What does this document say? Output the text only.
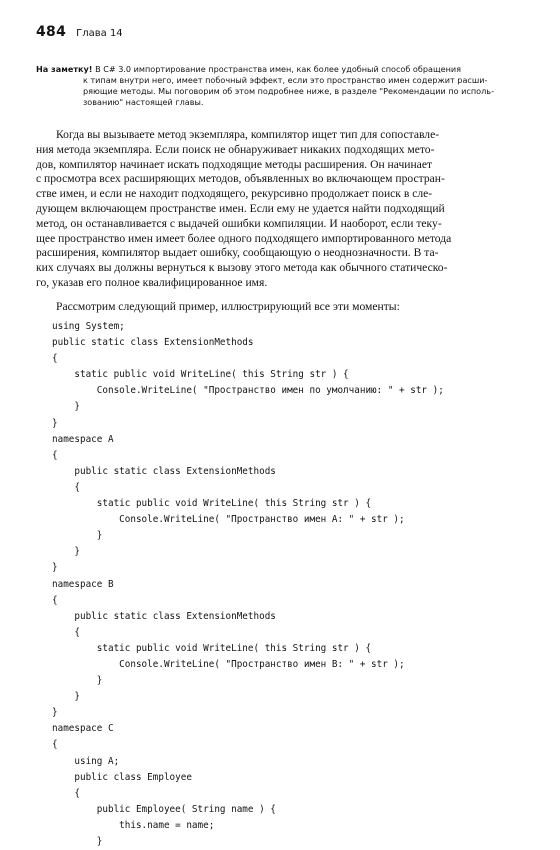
484 Глава 14
На заметку! В C# 3.0 импортирование пространства имен, как более удобный способ обращения
к типам внутри него, имеет побочный эффект, если это пространство имен содержит расши-
ряющие методы. Мы поговорим об этом подробнее ниже, в разделе "Рекомендации по исполь-
зованию" настоящей главы.
Когда вы вызываете метод экземпляра, компилятор ищет тип для сопоставле-
ния метода экземпляра. Если поиск не обнаруживает никаких подходящих мето-
дов, компилятор начинает искать подходящие методы расширения. Он начинает
с просмотра всех расширяющих методов, объявленных во включающем простран-
стве имен, и если не находит подходящего, рекурсивно продолжает поиск в сле-
дующем включающем пространстве имен. Если ему не удается найти подходящий
метод, он останавливается с выдачей ошибки компиляции. И наоборот, если теку-
щее пространство имен имеет более одного подходящего импортированного метода
расширения, компилятор выдает ошибку, сообщающую о неоднозначности. В та-
ких случаях вы должны вернуться к вызову этого метода как обычного статическо-
го, указав его полное квалифицированное имя.
Рассмотрим следующий пример, иллюстрирующий все эти моменты:
using System;
public static class ExtensionMethods
{
static public void WriteLine( this String str ) {
Console.WriteLine( "Пространство имен по умолчанию: " + str );
}
}
namespace A
{
public static class ExtensionMethods
{
static public void WriteLine( this String str ) {
Console.WriteLine( "Пространство имен A: " + str );
}
}
}
namespace B
{
public static class ExtensionMethods
{
static public void WriteLine( this String str ) {
Console.WriteLine( "Пространство имен B: " + str );
}
}
}
namespace C
{
using A;
public class Employee
{
public Employee( String name ) {
this.name = name;
}
